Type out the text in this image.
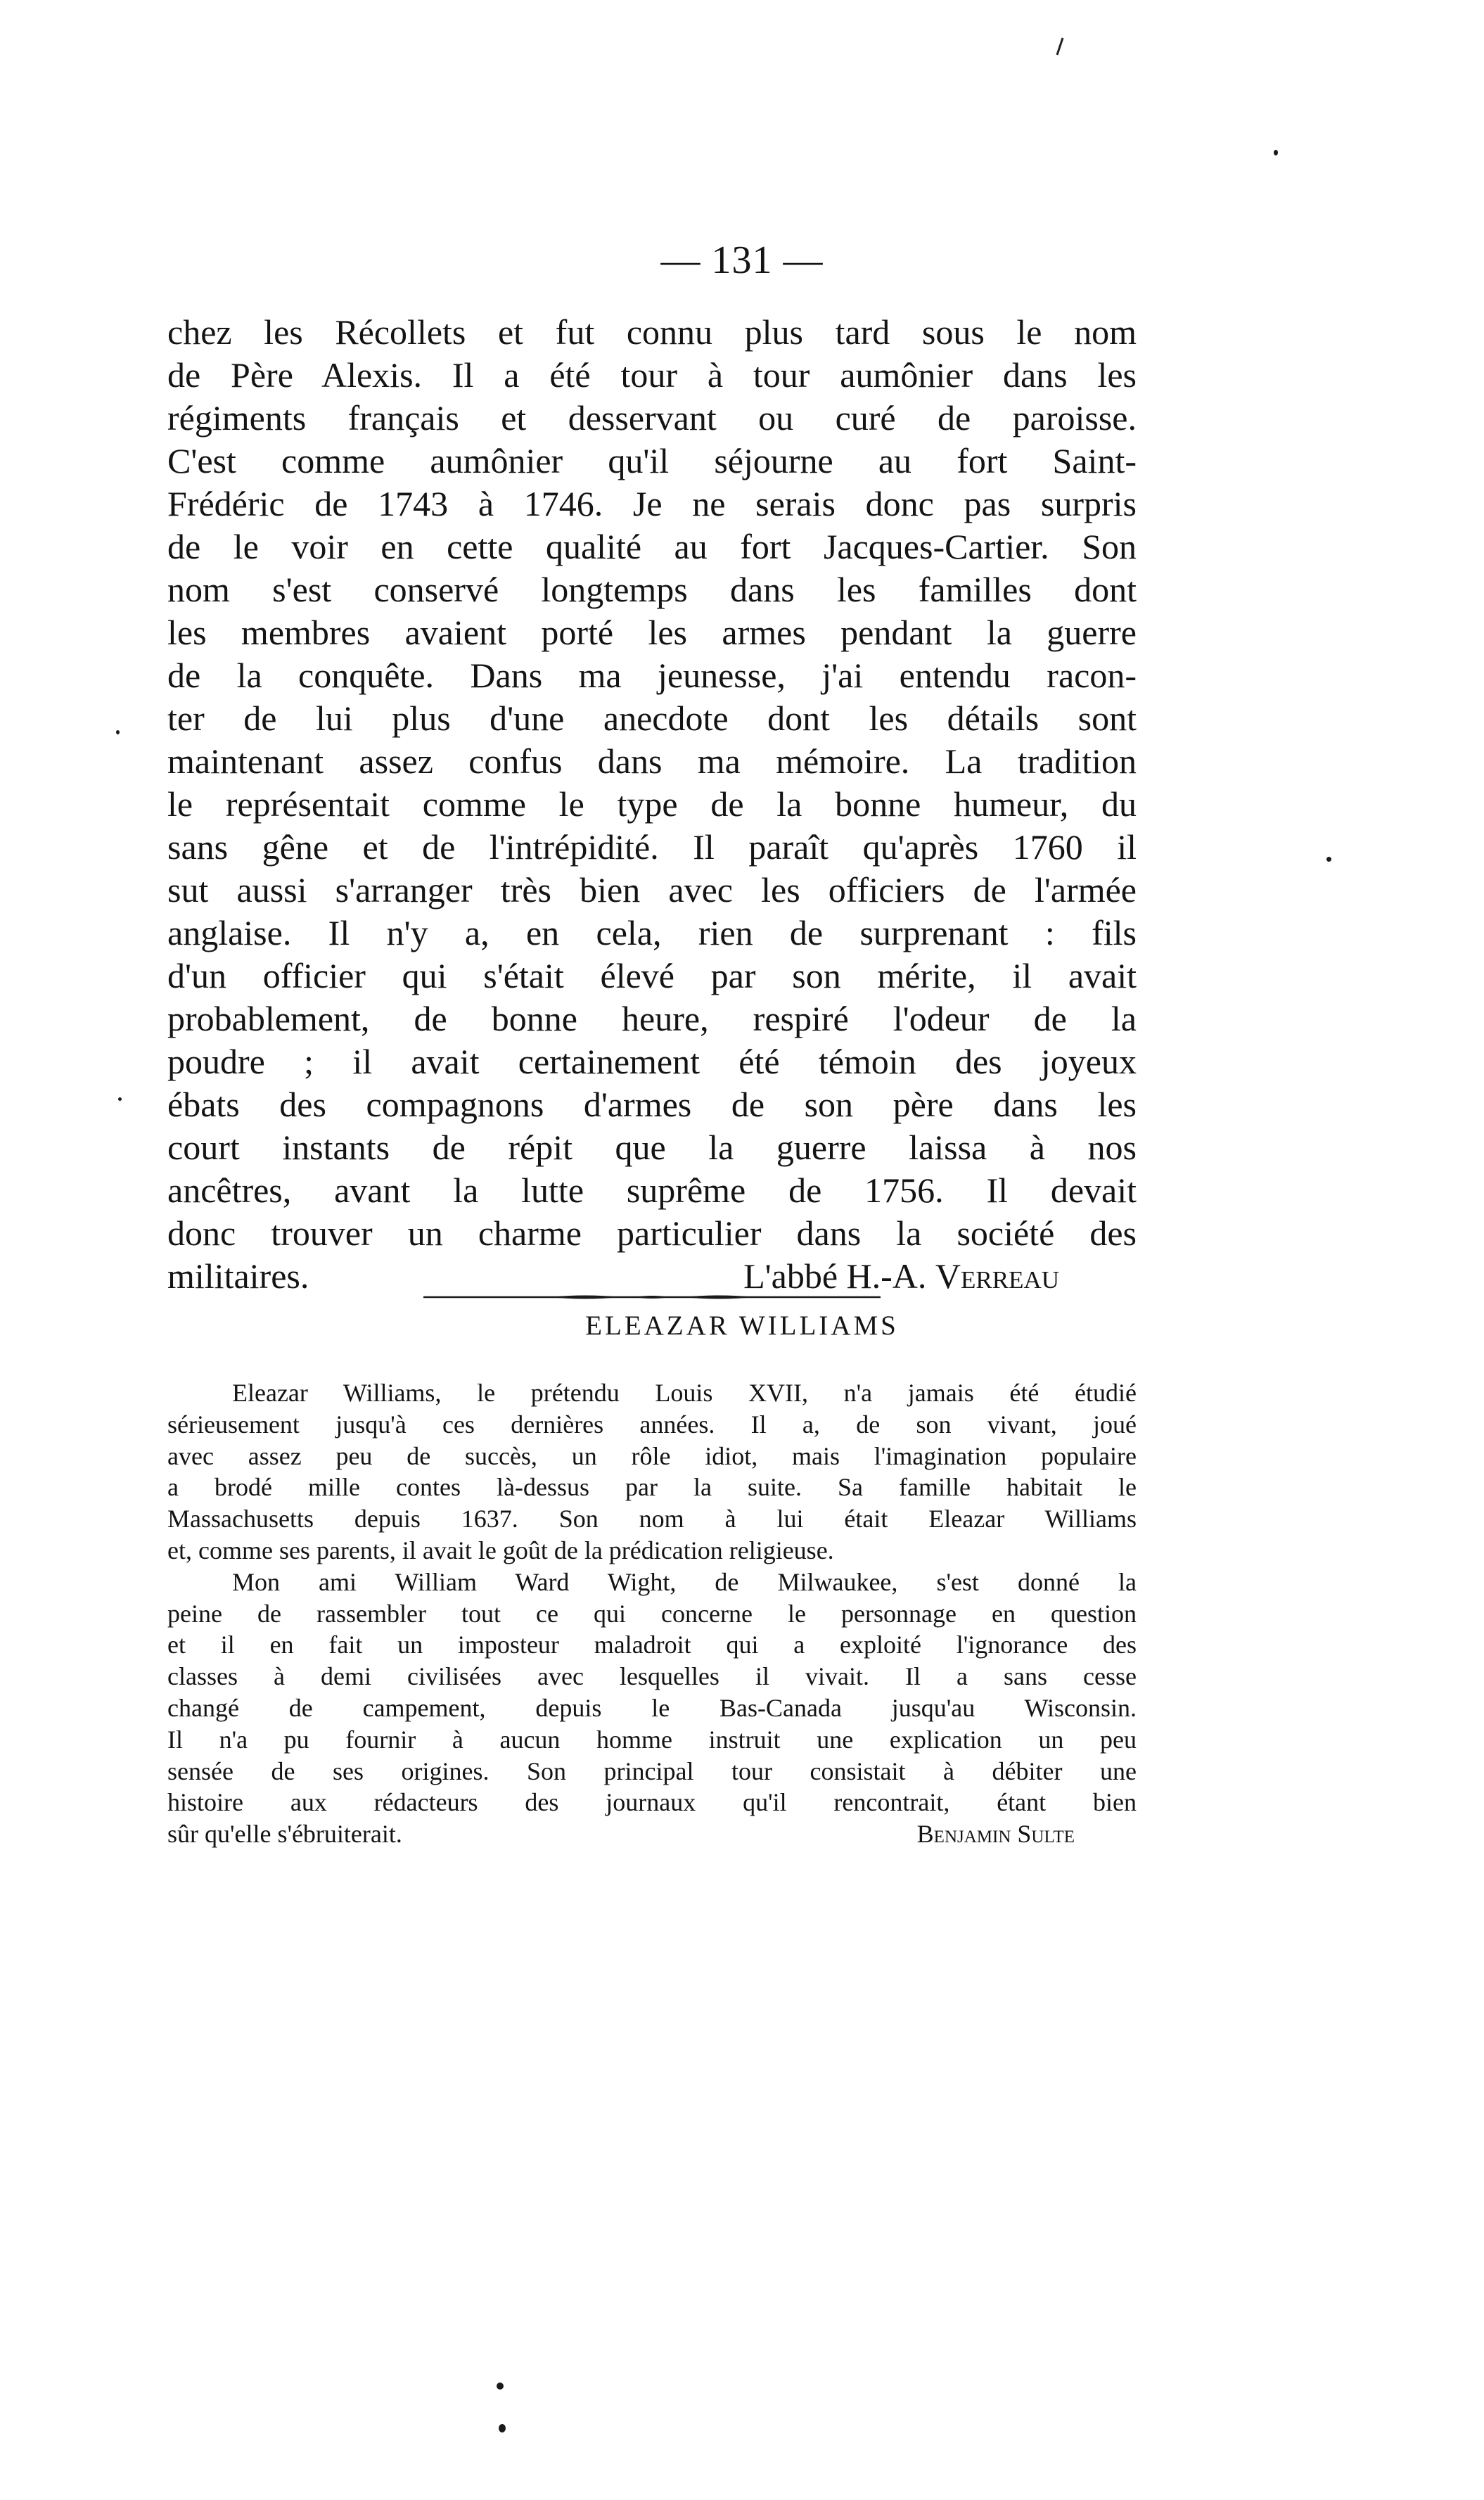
— 131 —

chez les Récollets et fut connu plus tard sous le nom
de Père Alexis. Il a été tour à tour aumônier dans les
régiments français et desservant ou curé de paroisse.
C'est comme aumônier qu'il séjourne au fort Saint-
Frédéric de 1743 à 1746. Je ne serais donc pas surpris
de le voir en cette qualité au fort Jacques-Cartier. Son
nom s'est conservé longtemps dans les familles dont
les membres avaient porté les armes pendant la guerre
de la conquête. Dans ma jeunesse, j'ai entendu racon-
ter de lui plus d'une anecdote dont les détails sont
maintenant assez confus dans ma mémoire. La tradition
le représentait comme le type de la bonne humeur, du
sans gêne et de l'intrépidité. Il paraît qu'après 1760 il
sut aussi s'arranger très bien avec les officiers de l'armée
anglaise. Il n'y a, en cela, rien de surprenant : fils
d'un officier qui s'était élevé par son mérite, il avait
probablement, de bonne heure, respiré l'odeur de la
poudre ; il avait certainement été témoin des joyeux
ébats des compagnons d'armes de son père dans les
court instants de répit que la guerre laissa à nos
ancêtres, avant la lutte suprême de 1756. Il devait
donc trouver un charme particulier dans la société des
militaires.	L'abbé H.-A. Verreau

ELEAZAR WILLIAMS

Eleazar Williams, le prétendu Louis XVII, n'a jamais été étudié
sérieusement jusqu'à ces dernières années. Il a, de son vivant, joué
avec assez peu de succès, un rôle idiot, mais l'imagination populaire
a brodé mille contes là-dessus par la suite. Sa famille habitait le
Massachusetts depuis 1637. Son nom à lui était Eleazar Williams
et, comme ses parents, il avait le goût de la prédication religieuse.

Mon ami William Ward Wight, de Milwaukee, s'est donné la
peine de rassembler tout ce qui concerne le personnage en question
et il en fait un imposteur maladroit qui a exploité l'ignorance des
classes à demi civilisées avec lesquelles il vivait. Il a sans cesse
changé de campement, depuis le Bas-Canada jusqu'au Wisconsin.
Il n'a pu fournir à aucun homme instruit une explication un peu
sensée de ses origines. Son principal tour consistait à débiter une
histoire aux rédacteurs des journaux qu'il rencontrait, étant bien
sûr qu'elle s'ébruiterait.	Benjamin Sulte
